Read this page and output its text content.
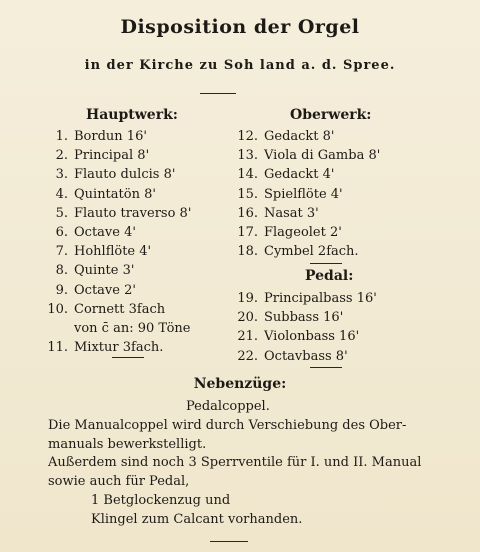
Disposition der Orgel
in der Kirche zu Soh land a. d. Spree.
Hauptwerk:
1. Bordun 16'
2. Principal 8'
3. Flauto dulcis 8'
4. Quintatön 8'
5. Flauto traverso 8'
6. Octave 4'
7. Hohlflöte 4'
8. Quinte 3'
9. Octave 2'
10. Cornett 3fach
von c̄ an: 90 Töne
11. Mixtur 3fach.
Oberwerk:
12. Gedackt 8'
13. Viola di Gamba 8'
14. Gedackt 4'
15. Spielflöte 4'
16. Nasat 3'
17. Flageolet 2'
18. Cymbel 2fach.
Pedal:
19. Principalbass 16'
20. Subbass 16'
21. Violonbass 16'
22. Octavbass 8'
Nebenzüge:
Pedalcoppel.
Die Manualcoppel wird durch Verschiebung des Ober-
manuals bewerkstelligt.
Außerdem sind noch 3 Sperrventile für I. und II. Manual
sowie auch für Pedal,
1 Betglockenzug und
Klingel zum Calcant vorhanden.
